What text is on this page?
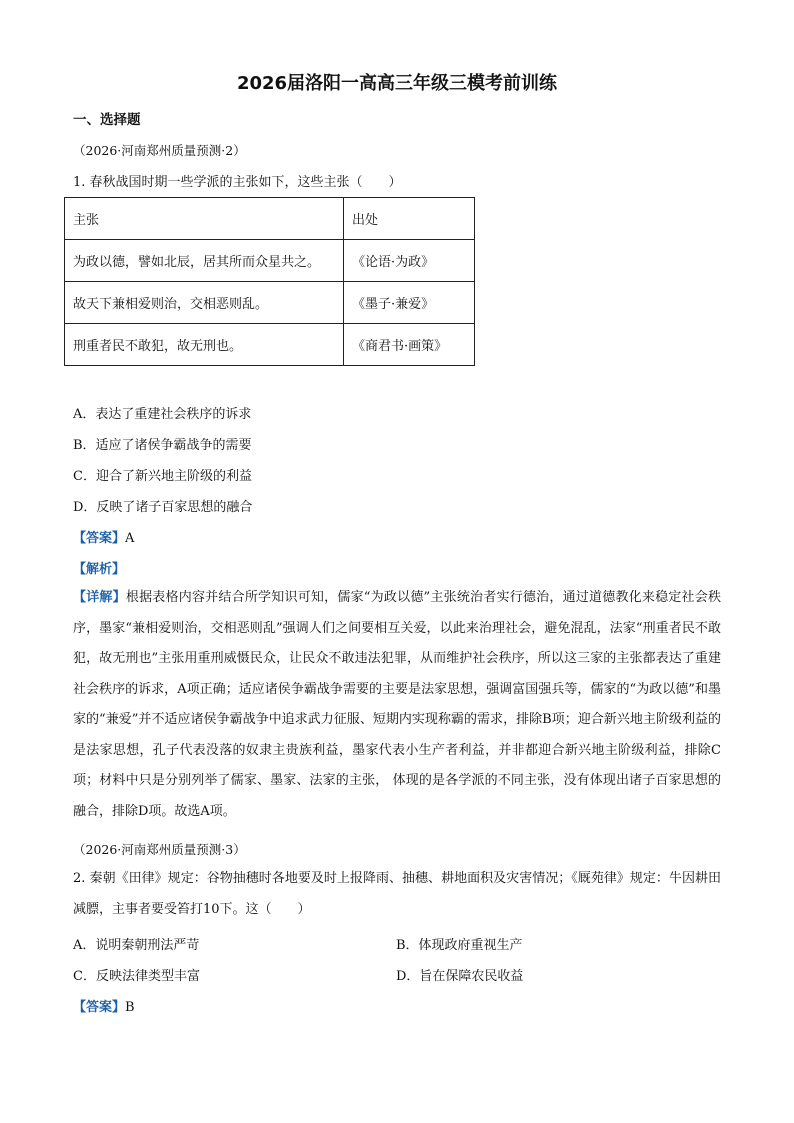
2026届洛阳一高高三年级三模考前训练
一、选择题
（2026·河南郑州质量预测·2）
1. 春秋战国时期一些学派的主张如下，这些主张（　　）
主张	出处
为政以德，譬如北辰，居其所而众星共之。	《论语·为政》
故天下兼相爱则治，交相恶则乱。	《墨子·兼爱》
刑重者民不敢犯，故无刑也。	《商君书·画策》
A．表达了重建社会秩序的诉求
B．适应了诸侯争霸战争的需要
C．迎合了新兴地主阶级的利益
D．反映了诸子百家思想的融合
【答案】A
【解析】
【详解】根据表格内容并结合所学知识可知，儒家“为政以德”主张统治者实行德治，通过道德教化来稳定社会秩序，墨家“兼相爱则治，交相恶则乱”强调人们之间要相互关爱，以此来治理社会，避免混乱，法家“刑重者民不敢犯，故无刑也”主张用重刑威慑民众，让民众不敢违法犯罪，从而维护社会秩序，所以这三家的主张都表达了重建社会秩序的诉求，A项正确；适应诸侯争霸战争需要的主要是法家思想，强调富国强兵等，儒家的“为政以德”和墨家的“兼爱”并不适应诸侯争霸战争中追求武力征服、短期内实现称霸的需求，排除B项；迎合新兴地主阶级利益的是法家思想，孔子代表没落的奴隶主贵族利益，墨家代表小生产者利益，并非都迎合新兴地主阶级利益，排除C项；材料中只是分别列举了儒家、墨家、法家的主张， 体现的是各学派的不同主张，没有体现出诸子百家思想的融合，排除D项。故选A项。
（2026·河南郑州质量预测·3）
2. 秦朝《田律》规定：谷物抽穗时各地要及时上报降雨、抽穗、耕地面积及灾害情况；《厩苑律》规定：牛因耕田减膘，主事者要受笞打10下。这（　　）
A．说明秦朝刑法严苛	B．体现政府重视生产
C．反映法律类型丰富	D．旨在保障农民收益
【答案】B
